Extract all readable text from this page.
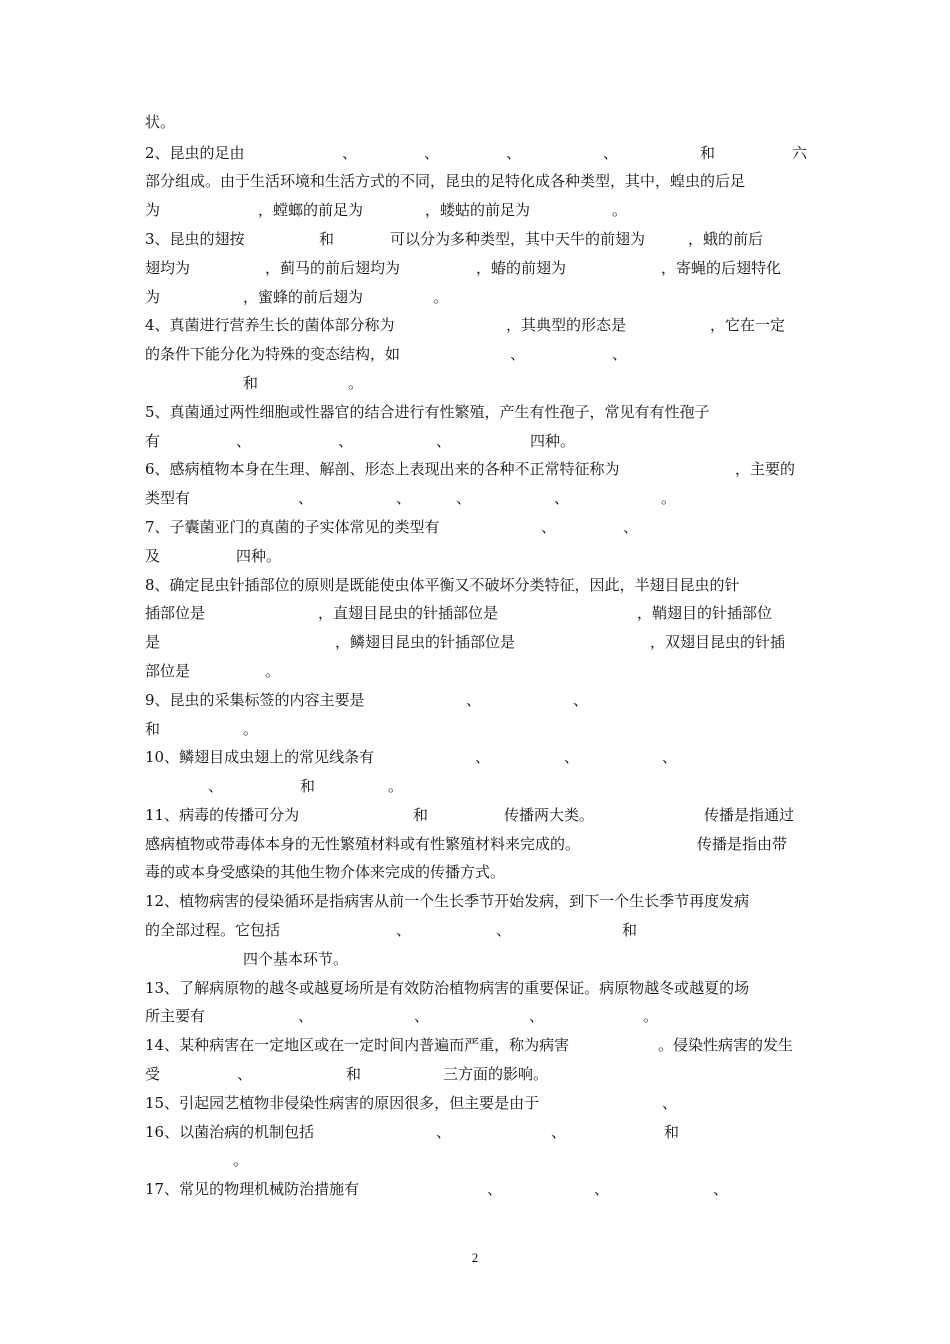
状。
2、昆虫的足由	、	、	、	、	和	六
部分组成。由于生活环境和生活方式的不同，昆虫的足特化成各种类型，其中，蝗虫的后足
为	，螳螂的前足为	，蝼蛄的前足为	。
3、昆虫的翅按	和	可以分为多种类型，其中天牛的前翅为	，蛾的前后
翅均为	，蓟马的前后翅均为	，蝽的前翅为	，寄蝇的后翅特化
为	，蜜蜂的前后翅为	。
4、真菌进行营养生长的菌体部分称为	，其典型的形态是	，它在一定
的条件下能分化为特殊的变态结构，如	、	、
和	。
5、真菌通过两性细胞或性器官的结合进行有性繁殖，产生有性孢子，常见有有性孢子
有	、	、	、	四种。
6、感病植物本身在生理、解剖、形态上表现出来的各种不正常特征称为	，主要的
类型有	、	、	、	、	。
7、子囊菌亚门的真菌的子实体常见的类型有	、	、
及	四种。
8、确定昆虫针插部位的原则是既能使虫体平衡又不破坏分类特征，因此，半翅目昆虫的针
插部位是	，直翅目昆虫的针插部位是	，鞘翅目的针插部位
是	，鳞翅目昆虫的针插部位是	，双翅目昆虫的针插
部位是	。
9、昆虫的采集标签的内容主要是	、	、
和	。
10、鳞翅目成虫翅上的常见线条有	、	、	、
、	和	。
11、病毒的传播可分为	和	传播两大类。	传播是指通过
感病植物或带毒体本身的无性繁殖材料或有性繁殖材料来完成的。	传播是指由带
毒的或本身受感染的其他生物介体来完成的传播方式。
12、植物病害的侵染循环是指病害从前一个生长季节开始发病，到下一个生长季节再度发病
的全部过程。它包括	、	、	和
四个基本环节。
13、了解病原物的越冬或越夏场所是有效防治植物病害的重要保证。病原物越冬或越夏的场
所主要有	、	、	、	。
14、某种病害在一定地区或在一定时间内普遍而严重，称为病害	。侵染性病害的发生
受	、	和	三方面的影响。
15、引起园艺植物非侵染性病害的原因很多，但主要是由于	、
16、以菌治病的机制包括	、	、	和
。
17、常见的物理机械防治措施有	、	、	、
2
